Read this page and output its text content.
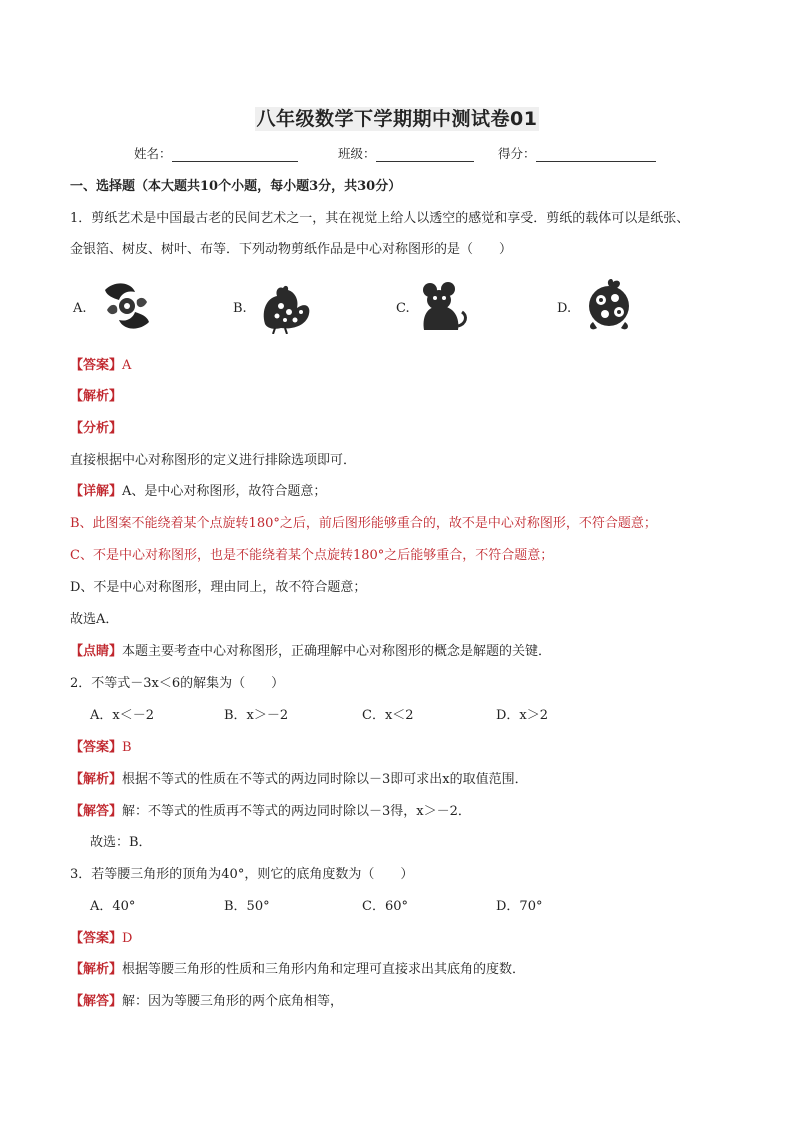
八年级数学下学期期中测试卷01
姓名：	班级：	得分：
一、选择题（本大题共10个小题，每小题3分，共30分）
1．剪纸艺术是中国最古老的民间艺术之一，其在视觉上给人以透空的感觉和享受．剪纸的载体可以是纸张、
金银箔、树皮、树叶、布等．下列动物剪纸作品是中心对称图形的是（　　）
A.	B.	C.	D.
【答案】A
【解析】
【分析】
直接根据中心对称图形的定义进行排除选项即可．
【详解】A、是中心对称图形，故符合题意；
B、此图案不能绕着某个点旋转180°之后，前后图形能够重合的，故不是中心对称图形，不符合题意；
C、不是中心对称图形，也是不能绕着某个点旋转180°之后能够重合，不符合题意；
D、不是中心对称图形，理由同上，故不符合题意；
故选A．
【点睛】本题主要考查中心对称图形，正确理解中心对称图形的概念是解题的关键．
2．不等式－3x＜6的解集为（　　）
A．x＜－2	B．x＞－2	C．x＜2	D．x＞2
【答案】B
【解析】根据不等式的性质在不等式的两边同时除以－3即可求出x的取值范围．
【解答】解：不等式的性质再不等式的两边同时除以－3得，x＞－2．
故选：B．
3．若等腰三角形的顶角为40°，则它的底角度数为（　　）
A．40°	B．50°	C．60°	D．70°
【答案】D
【解析】根据等腰三角形的性质和三角形内角和定理可直接求出其底角的度数．
【解答】解：因为等腰三角形的两个底角相等，
